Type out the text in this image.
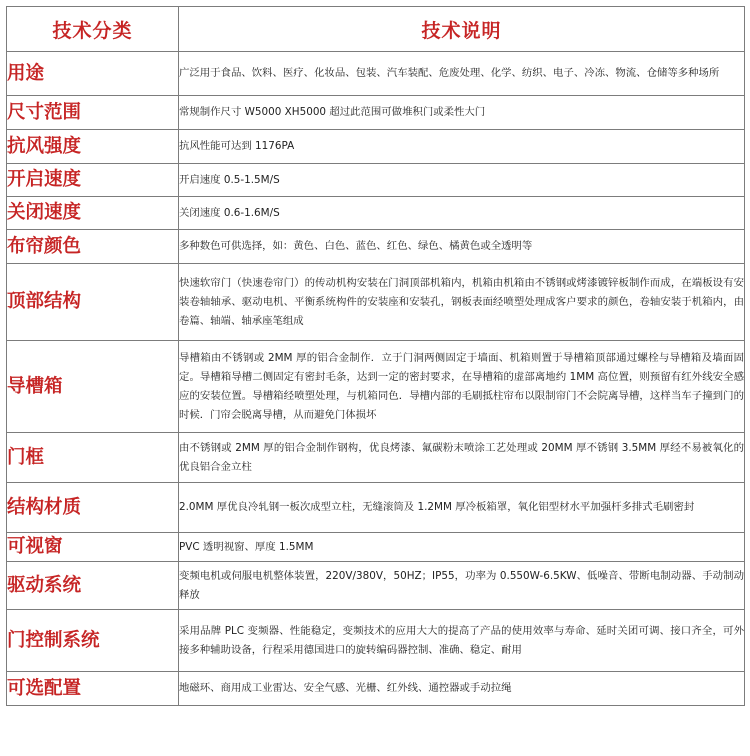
技术分类	技术说明
用途	广泛用于食品、饮料、医疗、化妆品、包装、汽车装配、危废处理、化学、纺织、电子、冷冻、物流、仓储等多种场所
尺寸范围	常规制作尺寸 W5000 XH5000 超过此范围可做堆积门或柔性大门
抗风强度	抗风性能可达到 1176PA
开启速度	开启速度 0.5-1.5M/S
关闭速度	关闭速度 0.6-1.6M/S
布帘颜色	多种数色可供选择，如：黄色、白色、蓝色、红色、绿色、橘黄色或全透明等
顶部结构	快速软帘门（快速卷帘门）的传动机构安装在门洞顶部机箱内，机箱由机箱由不锈钢或烤漆镀锌板制作而成，在端板设有安装卷轴轴承、驱动电机、平衡系统构件的安装座和安装孔，钢板表面经喷塑处理成客户要求的颜色，卷轴安装于机箱内，由卷篇、轴端、轴承座笔组成
导槽箱	导槽箱由不锈钢或 2MM 厚的铝合金制作．立于门洞两侧固定于墙面、机箱则置于导槽箱顶部通过螺栓与导槽箱及墙面固定。导槽箱导槽二侧固定有密封毛条，达到一定的密封要求，在导槽箱的虚部离地约 1MM 高位置，则预留有红外线安全感应的安装位置。导槽箱经喷塑处理，与机箱同色．导槽内部的毛刷抵柱帘布以限制帘门不会院离导槽，这样当车子撞到门的时候．门帘会脱离导槽，从而避免门体损坏
门框	由不锈钢或 2MM 厚的铝合金制作钢构，优良烤漆、氟碳粉末喷涂工艺处理或 20MM 厚不锈钢 3.5MM 厚经不易被氧化的优良铝合金立柱
结构材质	2.0MM 厚优良冷轧钢一板次成型立柱，无缝滚筒及 1.2MM 厚冷板箱罩，氧化铝型材水平加强杆多排式毛刷密封
可视窗	PVC 透明视窗、厚度 1.5MM
驱动系统	变频电机或伺服电机整体装置，220V/380V，50HZ；IP55，功率为 0.550W-6.5KW、低噪音、带断电制动器、手动制动释放
门控制系统	采用品牌 PLC 变频器、性能稳定，变频技术的应用大大的提高了产品的使用效率与寿命、延时关团可调、接口齐全，可外接多种辅助设备，行程采用德国进口的旋转编码器控制、准确、稳定、耐用
可选配置	地磁环、商用成工业雷达、安全气感、光栅、红外线、通控器或手动拉绳
